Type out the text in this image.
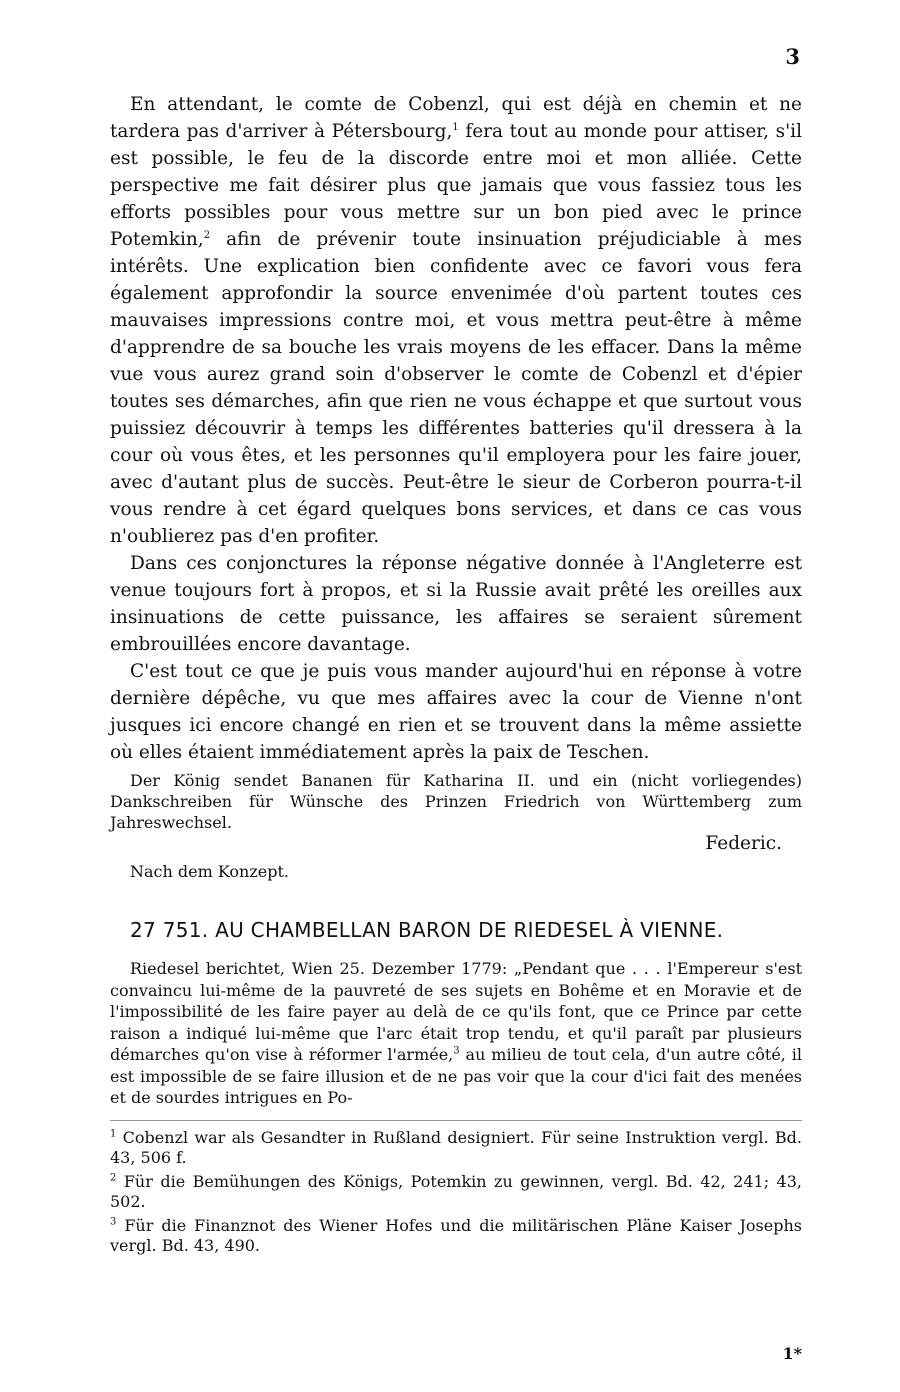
3

En attendant, le comte de Cobenzl, qui est déjà en chemin et ne tardera pas d'arriver à Pétersbourg,$^1$ fera tout au monde pour attiser, s'il est possible, le feu de la discorde entre moi et mon alliée. Cette perspective me fait désirer plus que jamais que vous fassiez tous les efforts possibles pour vous mettre sur un bon pied avec le prince Potemkin,$^2$ afin de prévenir toute insinuation préjudiciable à mes intérêts. Une explication bien confidente avec ce favori vous fera également approfondir la source envenimée d'où partent toutes ces mauvaises impressions contre moi, et vous mettra peut-être à même d'apprendre de sa bouche les vrais moyens de les effacer. Dans la même vue vous aurez grand soin d'observer le comte de Cobenzl et d'épier toutes ses démarches, afin que rien ne vous échappe et que surtout vous puissiez découvrir à temps les différentes batteries qu'il dressera à la cour où vous êtes, et les personnes qu'il employera pour les faire jouer, avec d'autant plus de succès. Peut-être le sieur de Corberon pourra-t-il vous rendre à cet égard quelques bons services, et dans ce cas vous n'oublierez pas d'en profiter.

Dans ces conjonctures la réponse négative donnée à l'Angleterre est venue toujours fort à propos, et si la Russie avait prêté les oreilles aux insinuations de cette puissance, les affaires se seraient sûrement embrouillées encore davantage.

C'est tout ce que je puis vous mander aujourd'hui en réponse à votre dernière dépêche, vu que mes affaires avec la cour de Vienne n'ont jusques ici encore changé en rien et se trouvent dans la même assiette où elles étaient immédiatement après la paix de Teschen.

Der König sendet Bananen für Katharina II. und ein (nicht vorliegendes) Dankschreiben für Wünsche des Prinzen Friedrich von Württemberg zum Jahreswechsel.

Federic.
Nach dem Konzept.
27 751. AU CHAMBELLAN BARON DE RIEDESEL À VIENNE.

Riedesel berichtet, Wien 25. Dezember 1779: „Pendant que . . . l'Empereur s'est convaincu lui-même de la pauvreté de ses sujets en Bohême et en Moravie et de l'impossibilité de les faire payer au delà de ce qu'ils font, que ce Prince par cette raison a indiqué lui-même que l'arc était trop tendu, et qu'il paraît par plusieurs démarches qu'on vise à réformer l'armée,$^3$ au milieu de tout cela, d'un autre côté, il est impossible de se faire illusion et de ne pas voir que la cour d'ici fait des menées et de sourdes intrigues en Po-

$^1$ Cobenzl war als Gesandter in Rußland designiert. Für seine Instruktion vergl. Bd. 43, 506 f.

$^2$ Für die Bemühungen des Königs, Potemkin zu gewinnen, vergl. Bd. 42, 241; 43, 502.

$^3$ Für die Finanznot des Wiener Hofes und die militärischen Pläne Kaiser Josephs vergl. Bd. 43, 490.

1*
